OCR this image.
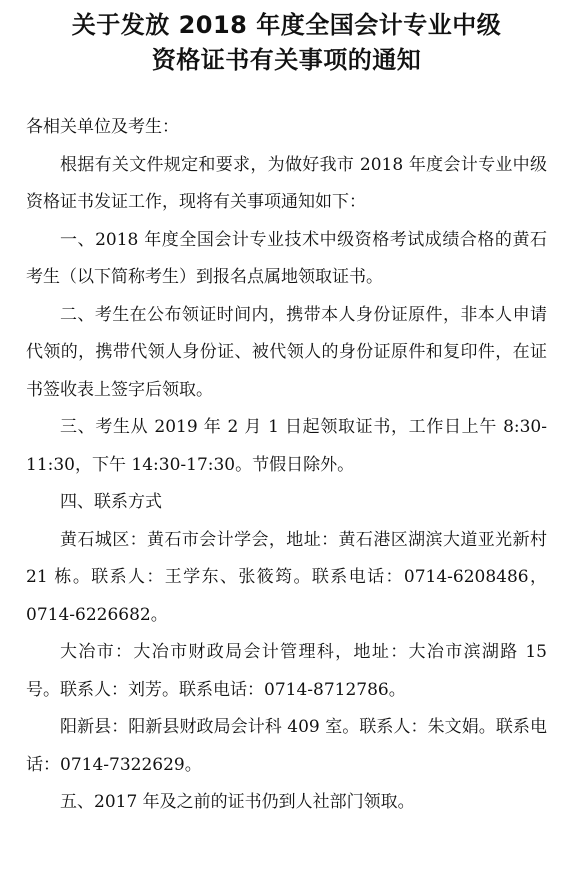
关于发放 2018 年度全国会计专业中级
资格证书有关事项的通知

各相关单位及考生：

根据有关文件规定和要求，为做好我市 2018 年度会计专业中级资格证书发证工作，现将有关事项通知如下：

一、2018 年度全国会计专业技术中级资格考试成绩合格的黄石考生（以下简称考生）到报名点属地领取证书。

二、考生在公布领证时间内，携带本人身份证原件，非本人申请代领的，携带代领人身份证、被代领人的身份证原件和复印件，在证书签收表上签字后领取。

三、考生从 2019 年 2 月 1 日起领取证书，工作日上午 8:30-11:30，下午 14:30-17:30。节假日除外。

四、联系方式

黄石城区：黄石市会计学会，地址：黄石港区湖滨大道亚光新村 21 栋。联系人：王学东、张筱筠。联系电话：0714-6208486，0714-6226682。

大冶市：大冶市财政局会计管理科，地址：大冶市滨湖路 15 号。联系人：刘芳。联系电话：0714-8712786。

阳新县：阳新县财政局会计科 409 室。联系人：朱文娟。联系电话：0714-7322629。

五、2017 年及之前的证书仍到人社部门领取。
